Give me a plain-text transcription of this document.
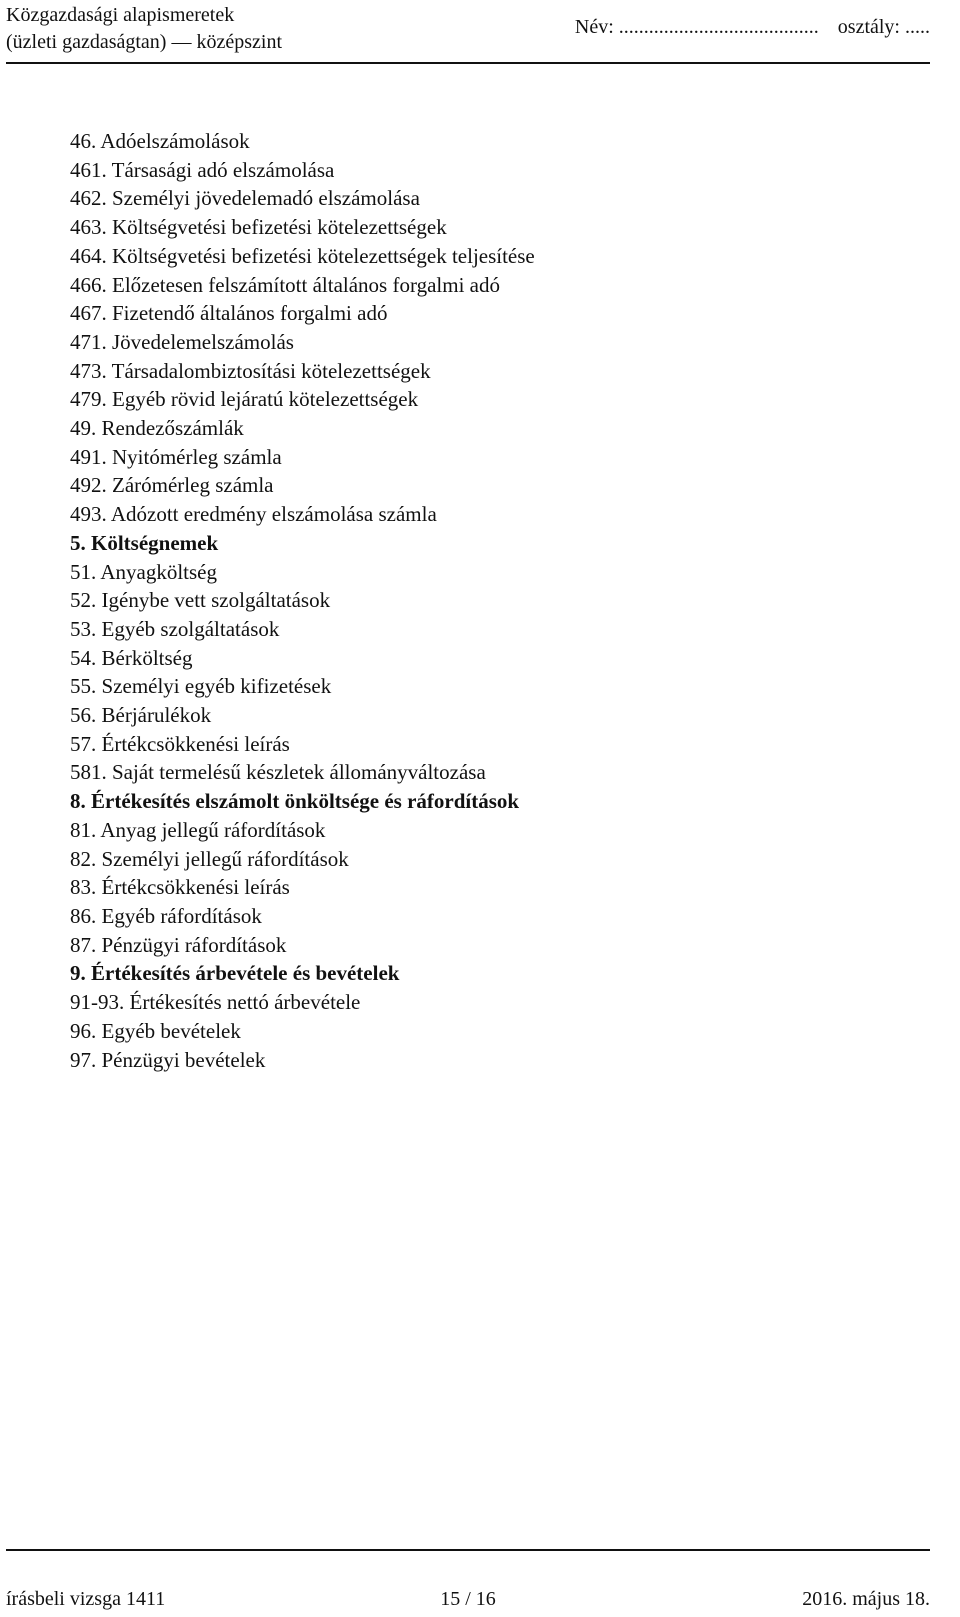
Közgazdasági alapismeretek
(üzleti gazdaságtan) — középszint
Név: ........................................ osztály: .....
46. Adóelszámolások
461. Társasági adó elszámolása
462. Személyi jövedelemadó elszámolása
463. Költségvetési befizetési kötelezettségek
464. Költségvetési befizetési kötelezettségek teljesítése
466. Előzetesen felszámított általános forgalmi adó
467. Fizetendő általános forgalmi adó
471. Jövedelemelszámolás
473. Társadalombiztosítási kötelezettségek
479. Egyéb rövid lejáratú kötelezettségek
49. Rendezőszámlák
491. Nyitómérleg számla
492. Zárómérleg számla
493. Adózott eredmény elszámolása számla
5. Költségnemek
51. Anyagköltség
52. Igénybe vett szolgáltatások
53. Egyéb szolgáltatások
54. Bérköltség
55. Személyi egyéb kifizetések
56. Bérjárulékok
57. Értékcsökkenési leírás
581. Saját termelésű készletek állományváltozása
8. Értékesítés elszámolt önköltsége és ráfordítások
81. Anyag jellegű ráfordítások
82. Személyi jellegű ráfordítások
83. Értékcsökkenési leírás
86. Egyéb ráfordítások
87. Pénzügyi ráfordítások
9. Értékesítés árbevétele és bevételek
91-93. Értékesítés nettó árbevétele
96. Egyéb bevételek
97. Pénzügyi bevételek
írásbeli vizsga 1411	15 / 16	2016. május 18.
